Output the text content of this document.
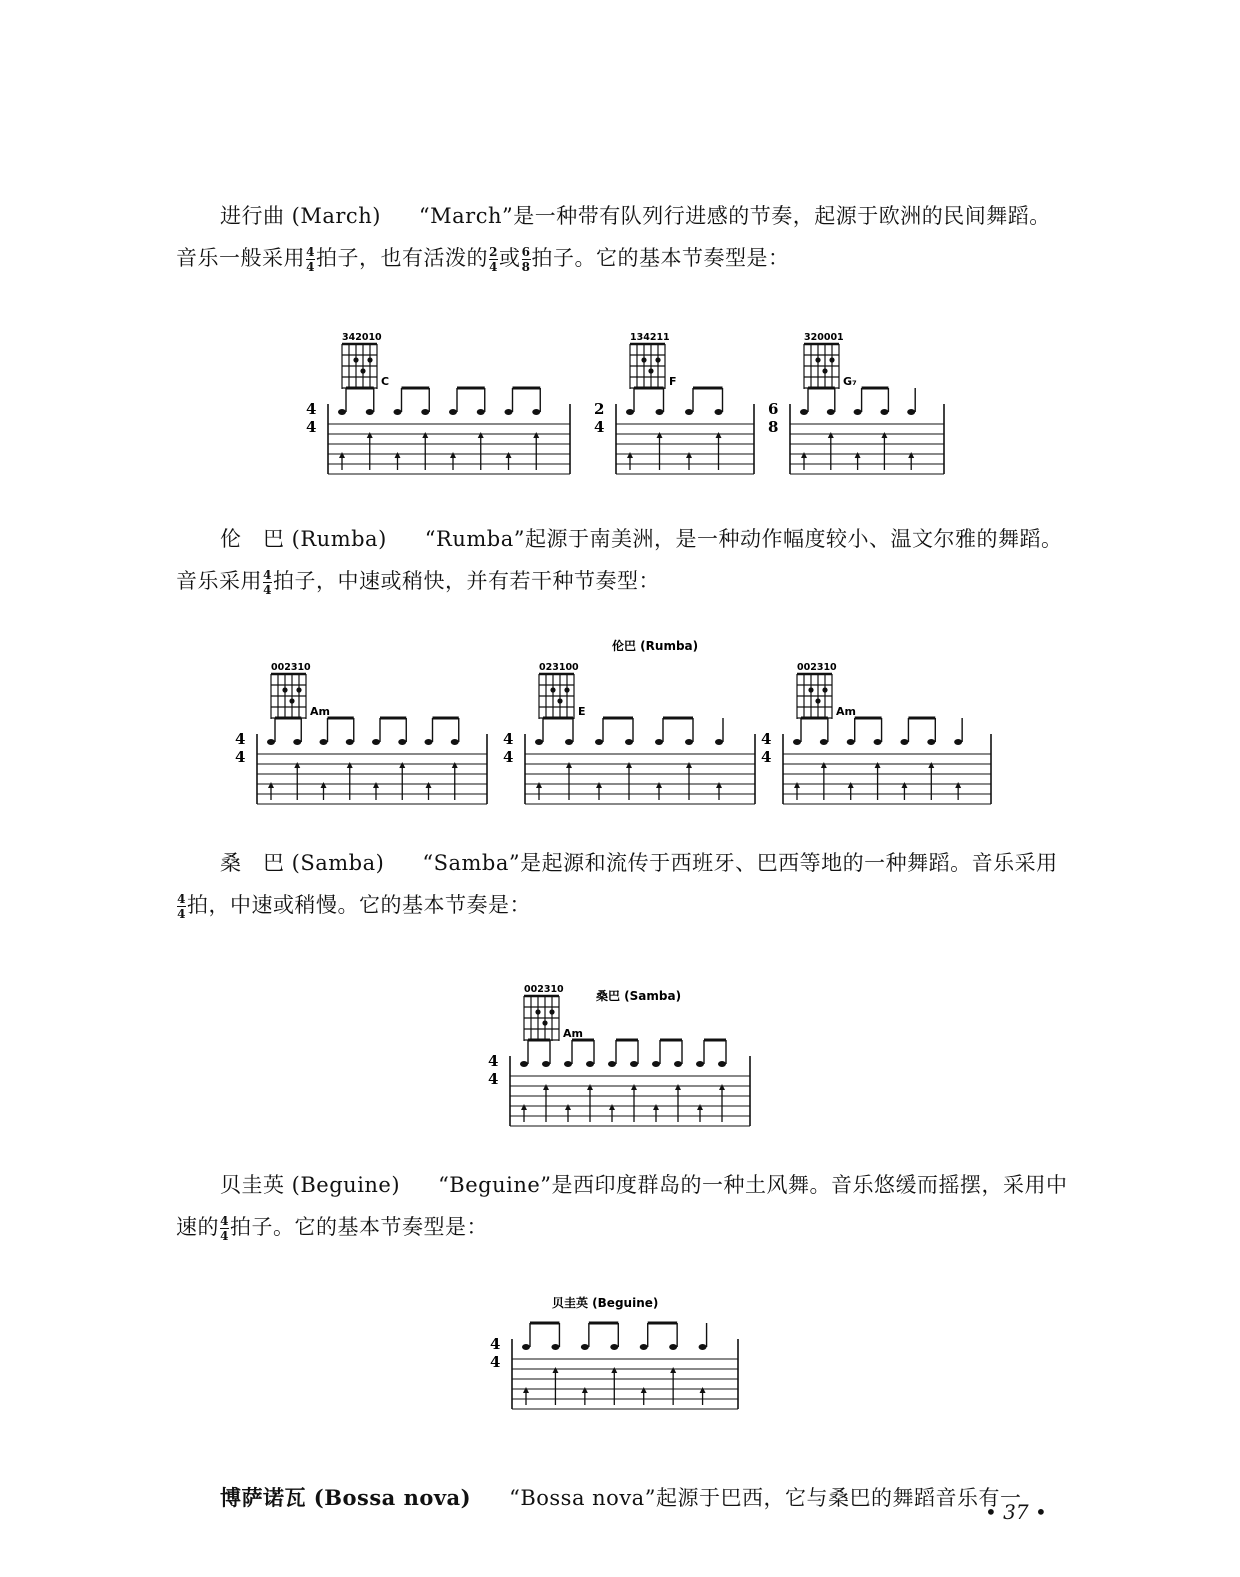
进行曲 (March) “March”是一种带有队列行进感的节奏，起源于欧洲的民间舞蹈。音乐一般采用 $\frac{4}{4}$ 拍子，也有活泼的 $\frac{2}{4}$ 或 $\frac{6}{8}$ 拍子。它的基本节奏型是：
伦　巴 (Rumba) “Rumba”起源于南美洲，是一种动作幅度较小、温文尔雅的舞蹈。音乐采用 $\frac{4}{4}$ 拍子，中速或稍快，并有若干种节奏型：
桑　巴 (Samba) “Samba”是起源和流传于西班牙、巴西等地的一种舞蹈。音乐采用
$\frac{4}{4}$ 拍，中速或稍慢。它的基本节奏是：
贝圭英 (Beguine) “Beguine”是西印度群岛的一种土风舞。音乐悠缓而摇摆，采用中速的 $\frac{4}{4}$ 拍子。它的基本节奏型是：
博萨诺瓦 (Bossa nova) “Bossa nova”起源于巴西，它与桑巴的舞蹈音乐有一
伦巴 (Rumba)
桑巴 (Samba)
贝圭英 (Beguine)
342010
C
4
4
134211
F
2
4
320001
G₇
6
8
002310
Am
4
4
023100
E
4
4
002310
Am
4
4
002310
Am
4
4
4
4
• 37 •
